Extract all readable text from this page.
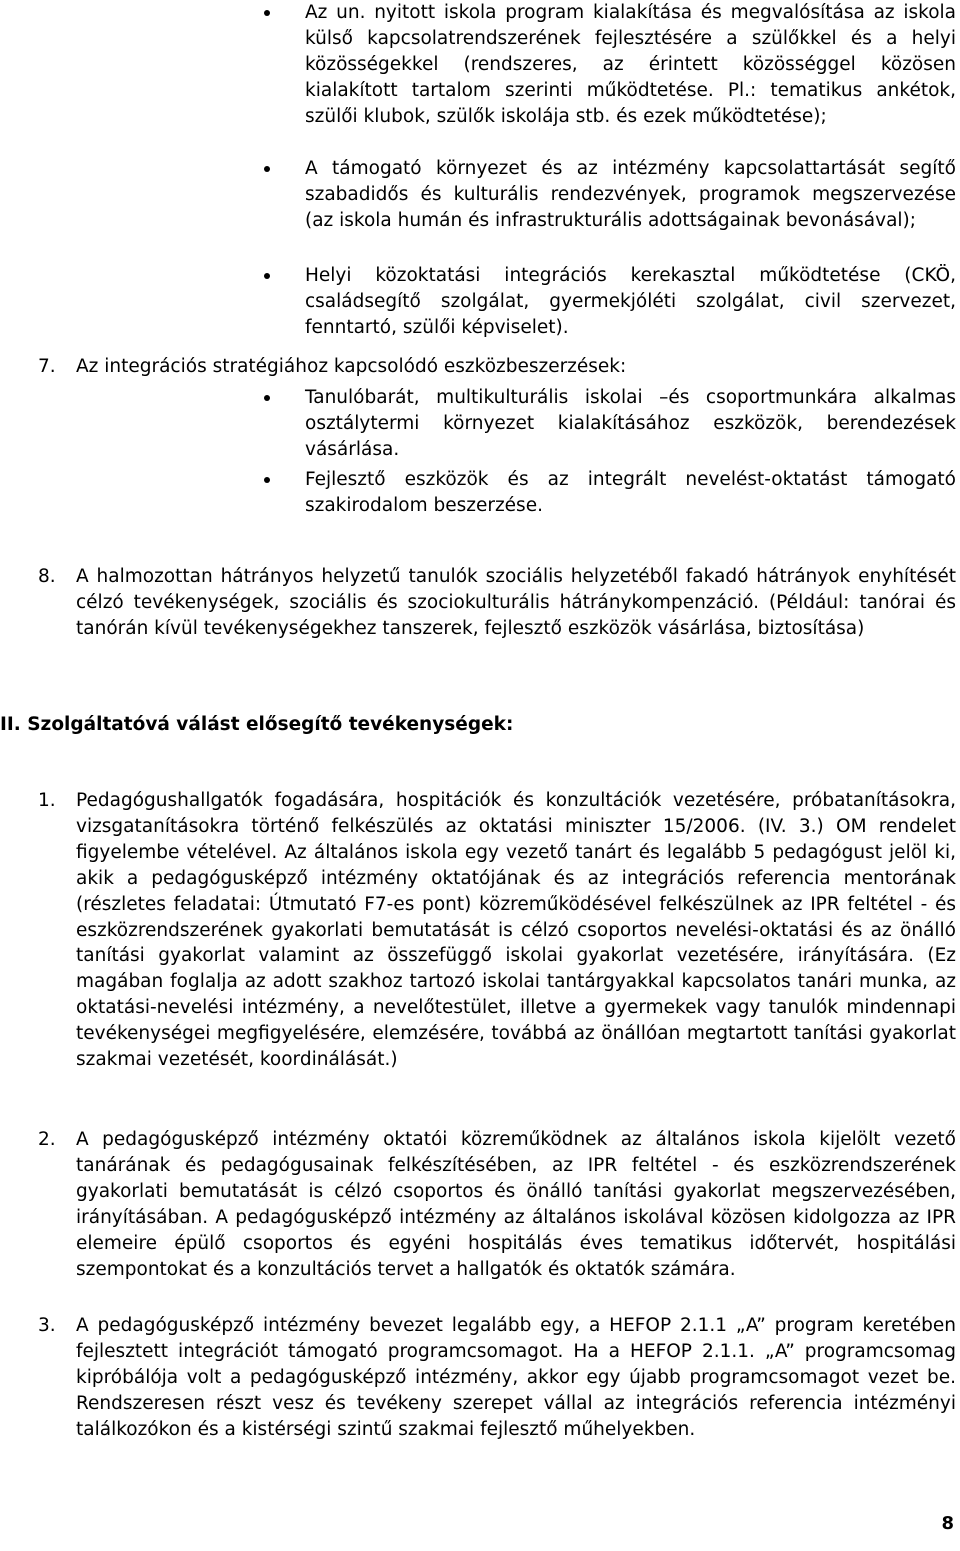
Az un. nyitott iskola program kialakítása és megvalósítása az iskola külső kapcsolatrendszerének fejlesztésére a szülőkkel és a helyi közösségekkel (rendszeres, az érintett közösséggel közösen kialakított tartalom szerinti működtetése. Pl.: tematikus ankétok, szülői klubok, szülők iskolája stb. és ezek működtetése);

A támogató környezet és az intézmény kapcsolattartását segítő szabadidős és kulturális rendezvények, programok megszervezése (az iskola humán és infrastrukturális adottságainak bevonásával);

Helyi közoktatási integrációs kerekasztal működtetése (CKÖ, családsegítő szolgálat, gyermekjóléti szolgálat, civil szervezet, fenntartó, szülői képviselet).

7. Az integrációs stratégiához kapcsolódó eszközbeszerzések:

Tanulóbarát, multikulturális iskolai –és csoportmunkára alkalmas osztálytermi környezet kialakításához eszközök, berendezések vásárlása.

Fejlesztő eszközök és az integrált nevelést-oktatást támogató szakirodalom beszerzése.

8. A halmozottan hátrányos helyzetű tanulók szociális helyzetéből fakadó hátrányok enyhítését célzó tevékenységek, szociális és szociokulturális hátránykompenzáció. (Például: tanórai és tanórán kívül tevékenységekhez tanszerek, fejlesztő eszközök vásárlása, biztosítása)

II. Szolgáltatóvá válást elősegítő tevékenységek:

1. Pedagógushallgatók fogadására, hospitációk és konzultációk vezetésére, próbatanításokra, vizsgatanításokra történő felkészülés az oktatási miniszter 15/2006. (IV. 3.) OM rendelet figyelembe vételével. Az általános iskola egy vezető tanárt és legalább 5 pedagógust jelöl ki, akik a pedagógusképző intézmény oktatójának és az integrációs referencia mentorának (részletes feladatai: Útmutató F7-es pont) közreműködésével felkészülnek az IPR feltétel - és eszközrendszerének gyakorlati bemutatását is célzó csoportos nevelési-oktatási és az önálló tanítási gyakorlat valamint az összefüggő iskolai gyakorlat vezetésére, irányítására. (Ez magában foglalja az adott szakhoz tartozó iskolai tantárgyakkal kapcsolatos tanári munka, az oktatási-nevelési intézmény, a nevelőtestület, illetve a gyermekek vagy tanulók mindennapi tevékenységei megfigyelésére, elemzésére, továbbá az önállóan megtartott tanítási gyakorlat szakmai vezetését, koordinálását.)

2. A pedagógusképző intézmény oktatói közreműködnek az általános iskola kijelölt vezető tanárának és pedagógusainak felkészítésében, az IPR feltétel - és eszközrendszerének gyakorlati bemutatását is célzó csoportos és önálló tanítási gyakorlat megszervezésében, irányításában. A pedagógusképző intézmény az általános iskolával közösen kidolgozza az IPR elemeire épülő csoportos és egyéni hospitálás éves tematikus időtervét, hospitálási szempontokat és a konzultációs tervet a hallgatók és oktatók számára.

3. A pedagógusképző intézmény bevezet legalább egy, a HEFOP 2.1.1 „A” program keretében fejlesztett integrációt támogató programcsomagot. Ha a HEFOP 2.1.1. „A” programcsomag kipróbálója volt a pedagógusképző intézmény, akkor egy újabb programcsomagot vezet be. Rendszeresen részt vesz és tevékeny szerepet vállal az integrációs referencia intézményi találkozókon és a kistérségi szintű szakmai fejlesztő műhelyekben.

8
